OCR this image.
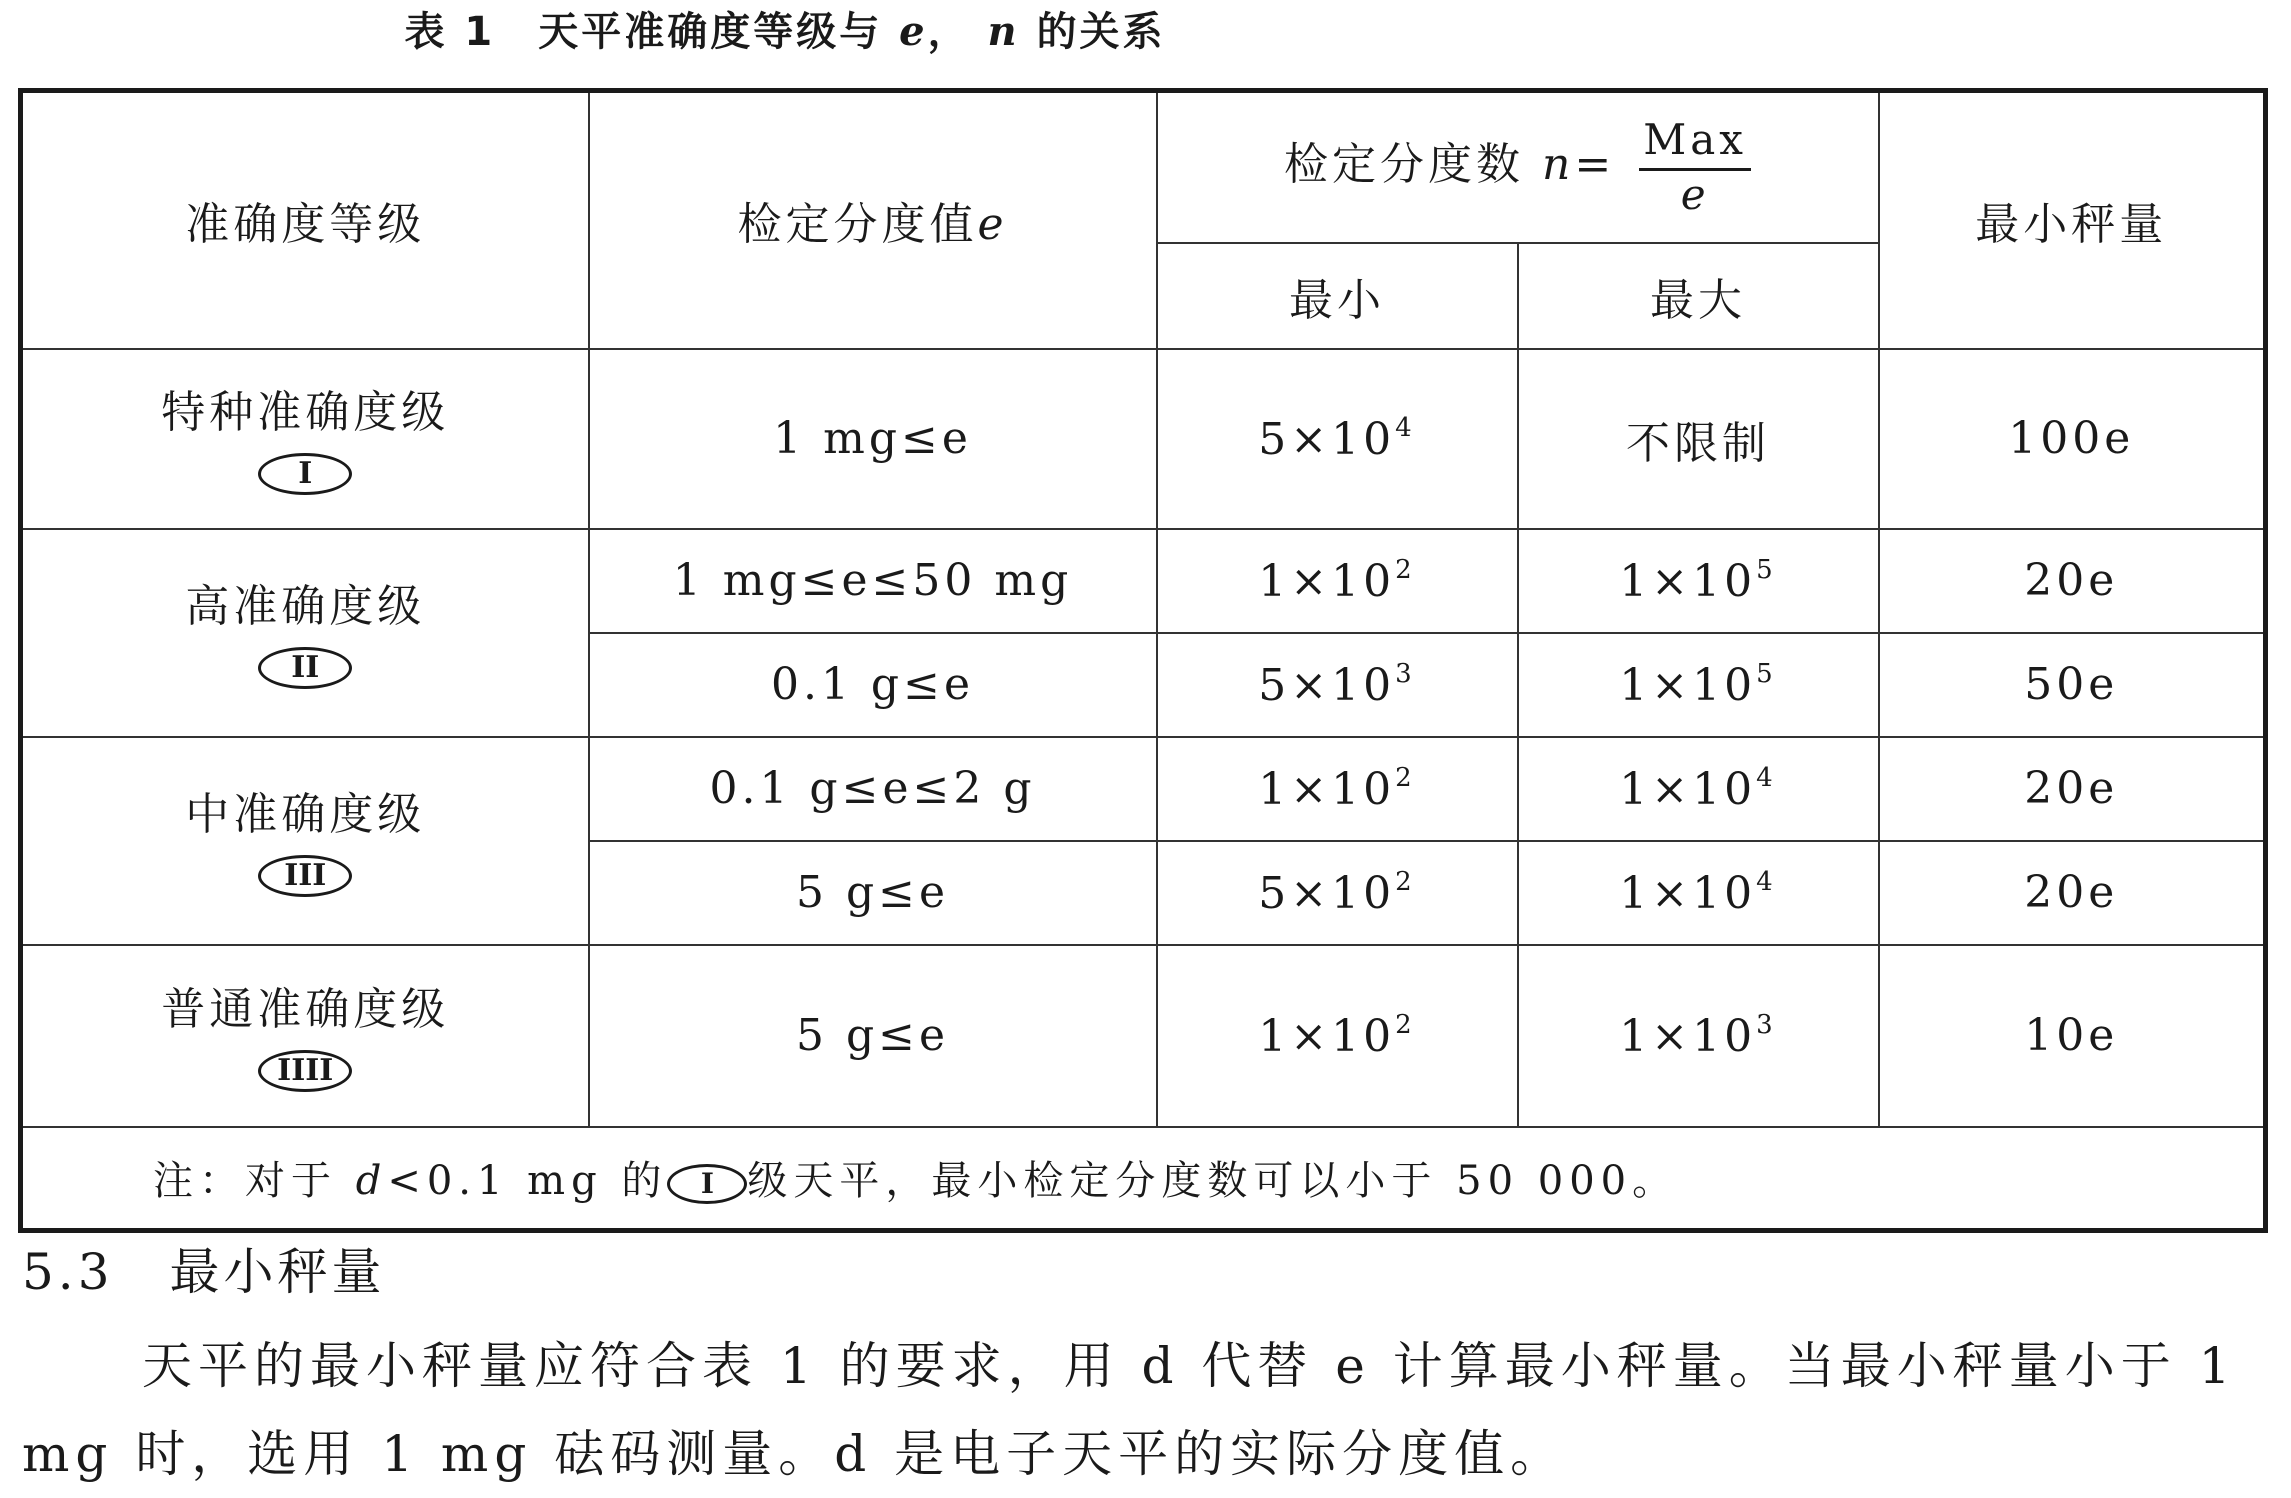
表 1　天平准确度等级与 e， n 的关系
准确度等级	检定分度值e	检定分度数 $n= \frac{\text{Max}}{e}$		最小秤量
		最小	最大	

特种准确度级
I	1 mg≤e	$5\times 10^4$	不限制	100e

高准确度级
II	1 mg≤e≤50 mg	$1\times 10^2$	$1\times 10^5$	20e
	0.1 g≤e	$5\times 10^3$	$1\times 10^5$	50e

中准确度级
III	0.1 g≤e≤2 g	$1\times 10^2$	$1\times 10^4$	20e
	5 g≤e	$5\times 10^2$	$1\times 10^4$	20e

普通准确度级
IIII	5 g≤e	$1\times 10^2$	$1\times 10^3$	10e
注：对于 d<0.1 mg 的 I 级天平，最小检定分度数可以小于 50 000。				
5.3 最小秤量
天平的最小秤量应符合表 1 的要求，用 d 代替 e 计算最小秤量。当最小秤量小于 1 mg 时，选用 1 mg 砝码测量。d 是电子天平的实际分度值。
